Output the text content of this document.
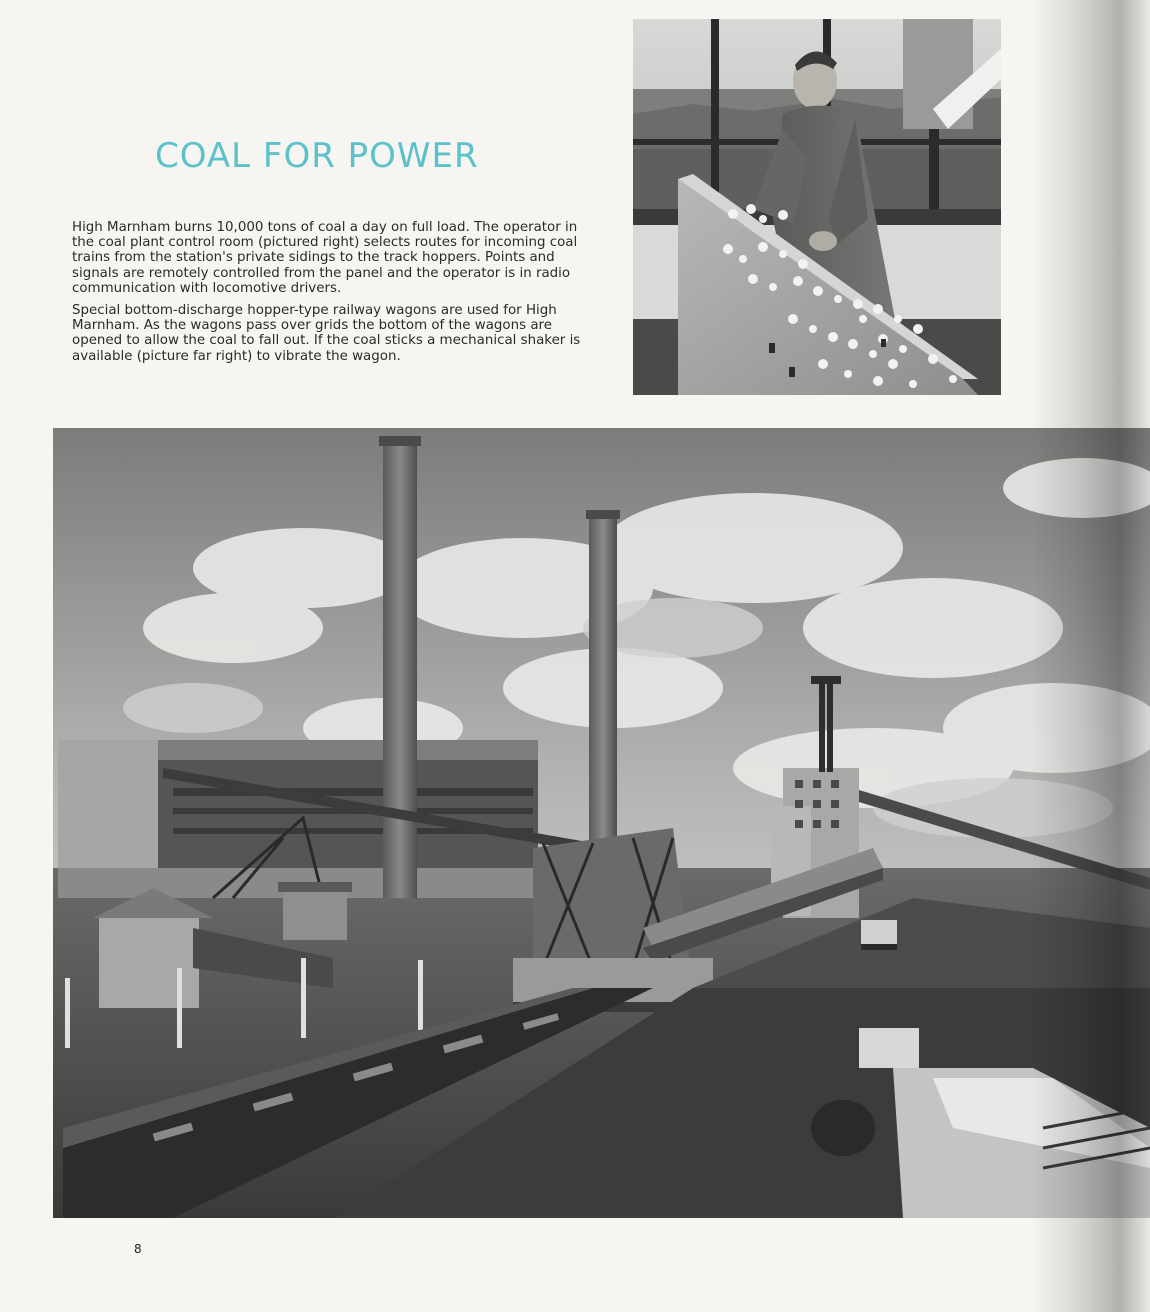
COAL FOR POWER

High Marnham burns 10,000 tons of coal a day on full load. The operator in the coal plant control room (pictured right) selects routes for incoming coal trains from the station's private sidings to the track hoppers. Points and signals are remotely controlled from the panel and the operator is in radio communication with locomotive drivers.

Special bottom-discharge hopper-type railway wagons are used for High Marnham. As the wagons pass over grids the bottom of the wagons are opened to allow the coal to fall out. If the coal sticks a mechanical shaker is available (picture far right) to vibrate the wagon.

8
